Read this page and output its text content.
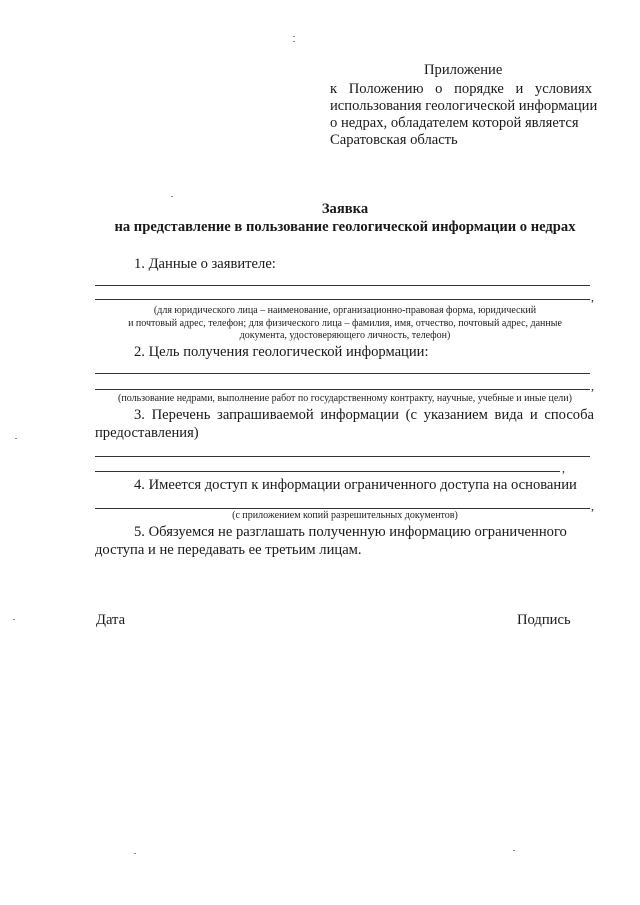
Приложение
к Положению о порядке и условиях
использования геологической информации
о недрах, обладателем которой является
Саратовская область
Заявка
на представление в пользование геологической информации о недрах
1. Данные о заявителе:
,
(для юридического лица – наименование, организационно-правовая форма, юридический
и почтовый адрес, телефон; для физического лица – фамилия, имя, отчество, почтовый адрес, данные
документа, удостоверяющего личность, телефон)
2. Цель получения геологической информации:
,
(пользование недрами, выполнение работ по государственному контракту, научные, учебные и иные цели)
3. Перечень запрашиваемой информации (с указанием вида и способа
предоставления)
,
4. Имеется доступ к информации ограниченного доступа на основании
,
(с приложением копий разрешительных документов)
5. Обязуемся не разглашать полученную информацию ограниченного
доступа и не передавать ее третьим лицам.
Дата	Подпись
